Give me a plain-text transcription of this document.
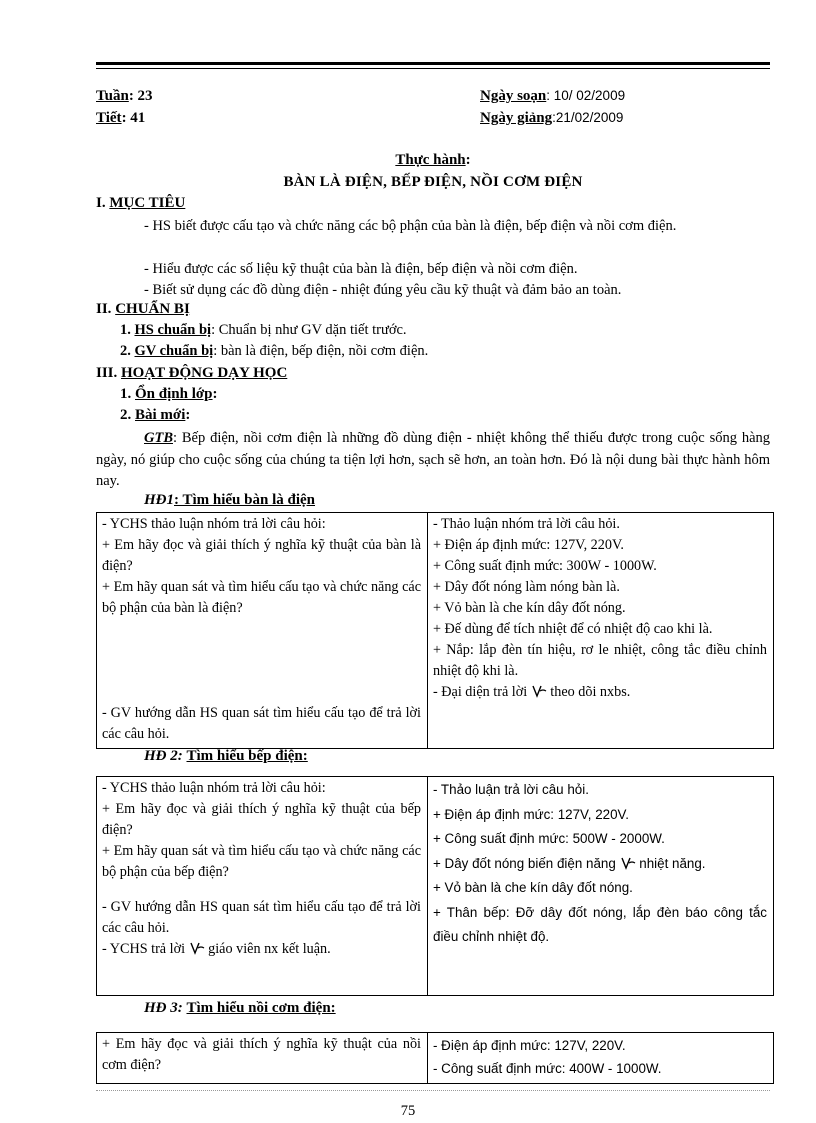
Tuần: 23
Tiết: 41
Ngày soạn: 10/ 02/2009
Ngày giảng:21/02/2009
Thực hành:
BÀN LÀ ĐIỆN, BẾP ĐIỆN, NỒI CƠM ĐIỆN
I. MỤC TIÊU
- HS biết được cấu tạo và chức năng các bộ phận của bàn là điện, bếp điện và nồi cơm điện.
- Hiểu được các số liệu kỹ thuật của bàn là điện, bếp điện và nồi cơm điện.
- Biết sử dụng các đồ dùng điện - nhiệt đúng yêu cầu kỹ thuật và đảm bảo an toàn.
II. CHUẨN BỊ
1. HS chuẩn bị: Chuẩn bị như GV dặn tiết trước.
2. GV chuẩn bị: bàn là điện, bếp điện, nồi cơm điện.
III. HOẠT ĐỘNG DẠY HỌC
1. Ổn định lớp:
2. Bài mới:
GTB: Bếp điện, nồi cơm điện là những đồ dùng điện - nhiệt không thể thiếu được trong cuộc sống hàng ngày, nó giúp cho cuộc sống của chúng ta tiện lợi hơn, sạch sẽ hơn, an toàn hơn. Đó là nội dung bài thực hành hôm nay.
HĐ1: Tìm hiểu bàn là điện
- YCHS thảo luận nhóm trả lời câu hỏi:
+ Em hãy đọc và giải thích ý nghĩa kỹ thuật của bàn là điện?
+ Em hãy quan sát và tìm hiểu cấu tạo và chức năng các bộ phận của bàn là điện?
- GV hướng dẫn HS quan sát tìm hiểu cấu tạo để trả lời các câu hỏi.

- Thảo luận nhóm trả lời câu hỏi.
+ Điện áp định mức: 127V, 220V.
+ Công suất định mức: 300W - 1000W.
+ Dây đốt nóng làm nóng bàn là.
+ Vỏ bàn là che kín dây đốt nóng.
+ Đế dùng để tích nhiệt để có nhiệt độ cao khi là.
+ Nắp: lắp đèn tín hiệu, rơ le nhiệt, công tắc điều chỉnh nhiệt độ khi là.
- Đại diện trả lời  theo dõi nxbs.
HĐ 2: Tìm hiểu bếp điện:
- YCHS thảo luận nhóm trả lời câu hỏi:
+ Em hãy đọc và giải thích ý nghĩa kỹ thuật của bếp điện?
+ Em hãy quan sát và tìm hiểu cấu tạo và chức năng các bộ phận của bếp điện?
- GV hướng dẫn HS quan sát tìm hiểu cấu tạo để trả lời các câu hỏi.
- YCHS trả lời  giáo viên nx kết luận.

- Thảo luận trả lời câu hỏi.
+ Điện áp định mức: 127V, 220V.
+ Công suất định mức: 500W - 2000W.
+ Dây đốt nóng biến điện năng  nhiệt năng.
+ Vỏ bàn là che kín dây đốt nóng.
+ Thân bếp: Đỡ dây đốt nóng, lắp đèn báo công tắc điều chỉnh nhiệt độ.
HĐ 3: Tìm hiểu nồi cơm điện:
+ Em hãy đọc và giải thích ý nghĩa kỹ thuật của nồi cơm điện?

- Điện áp định mức: 127V, 220V.
- Công suất định mức: 400W - 1000W.
75
